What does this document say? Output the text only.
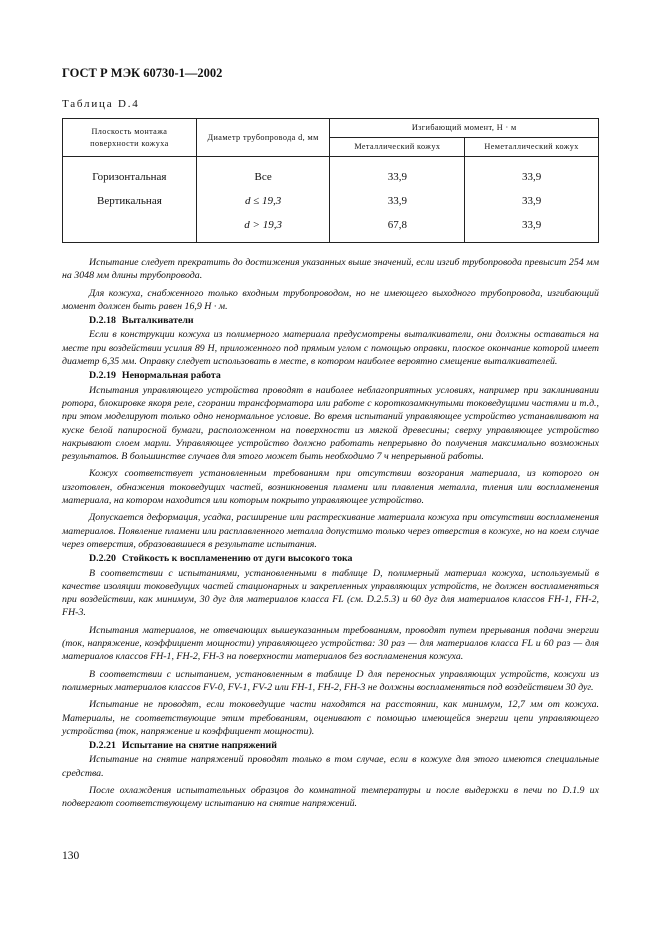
ГОСТ Р МЭК 60730-1—2002
Таблица D.4
Плоскость монтажа поверхности кожуха	Диаметр трубопровода d, мм	Изгибающий момент, Н · м	
		Металлический кожух	Неметаллический кожух
Горизонтальная	Все	33,9	33,9
Вертикальная	d ≤ 19,3	33,9	33,9
	d > 19,3	67,8	33,9

Испытание следует прекратить до достижения указанных выше значений, если изгиб трубопровода превысит 254 мм на 3048 мм длины трубопровода.

Для кожуха, снабженного только входным трубопроводом, но не имеющего выходного трубопровода, изгибающий момент должен быть равен 16,9 Н · м.

D.2.18 Выталкиватели

Если в конструкции кожуха из полимерного материала предусмотрены выталкиватели, они должны оставаться на месте при воздействии усилия 89 Н, приложенного под прямым углом с помощью оправки, плоское окончание которой имеет диаметр 6,35 мм. Оправку следует использовать в месте, в котором наиболее вероятно смещение выталкивателей.

D.2.19 Ненормальная работа

Испытания управляющего устройства проводят в наиболее неблагоприятных условиях, например при заклинивании ротора, блокировке якоря реле, сгорании трансформатора или работе с короткозамкнутыми токоведущими частями и т.д., при этом моделируют только одно ненормальное условие. Во время испытаний управляющее устройство устанавливают на куске белой папиросной бумаги, расположенном на поверхности из мягкой древесины; сверху управляющее устройство накрывают слоем марли. Управляющее устройство должно работать непрерывно до получения максимально возможных результатов. В большинстве случаев для этого может быть необходимо 7 ч непрерывной работы.

Кожух соответствует установленным требованиям при отсутствии возгорания материала, из которого он изготовлен, обнажения токоведущих частей, возникновения пламени или плавления металла, тления или воспламенения материала, на котором находится или которым покрыто управляющее устройство.

Допускается деформация, усадка, расширение или растрескивание материала кожуха при отсутствии воспламенения материалов. Появление пламени или расплавленного металла допустимо только через отверстия в кожухе, но на коем случае через отверстия, образовавшиеся в результате испытания.

D.2.20 Стойкость к воспламенению от дуги высокого тока

В соответствии с испытаниями, установленными в таблице D, полимерный материал кожуха, используемый в качестве изоляции токоведущих частей стационарных и закрепленных управляющих устройств, не должен воспламеняться при воздействии, как минимум, 30 дуг для материалов класса FL (см. D.2.5.3) и 60 дуг для материалов классов FH-1, FH-2, FH-3.

Испытания материалов, не отвечающих вышеуказанным требованиям, проводят путем прерывания подачи энергии (ток, напряжение, коэффициент мощности) управляющего устройства: 30 раз — для материалов класса FL и 60 раз — для материалов классов FH-1, FH-2, FH-3 на поверхности материалов без воспламенения кожуха.

В соответствии с испытанием, установленным в таблице D для переносных управляющих устройств, кожухи из полимерных материалов классов FV-0, FV-1, FV-2 или FH-1, FH-2, FH-3 не должны воспламеняться под воздействием 30 дуг.

Испытание не проводят, если токоведущие части находятся на расстоянии, как минимум, 12,7 мм от кожуха. Материалы, не соответствующие этим требованиям, оценивают с помощью имеющейся энергии цепи управляющего устройства (ток, напряжение и коэффициент мощности).

D.2.21 Испытание на снятие напряжений

Испытание на снятие напряжений проводят только в том случае, если в кожухе для этого имеются специальные средства.

После охлаждения испытательных образцов до комнатной температуры и после выдержки в печи по D.1.9 их подвергают соответствующему испытанию на снятие напряжений.

130
